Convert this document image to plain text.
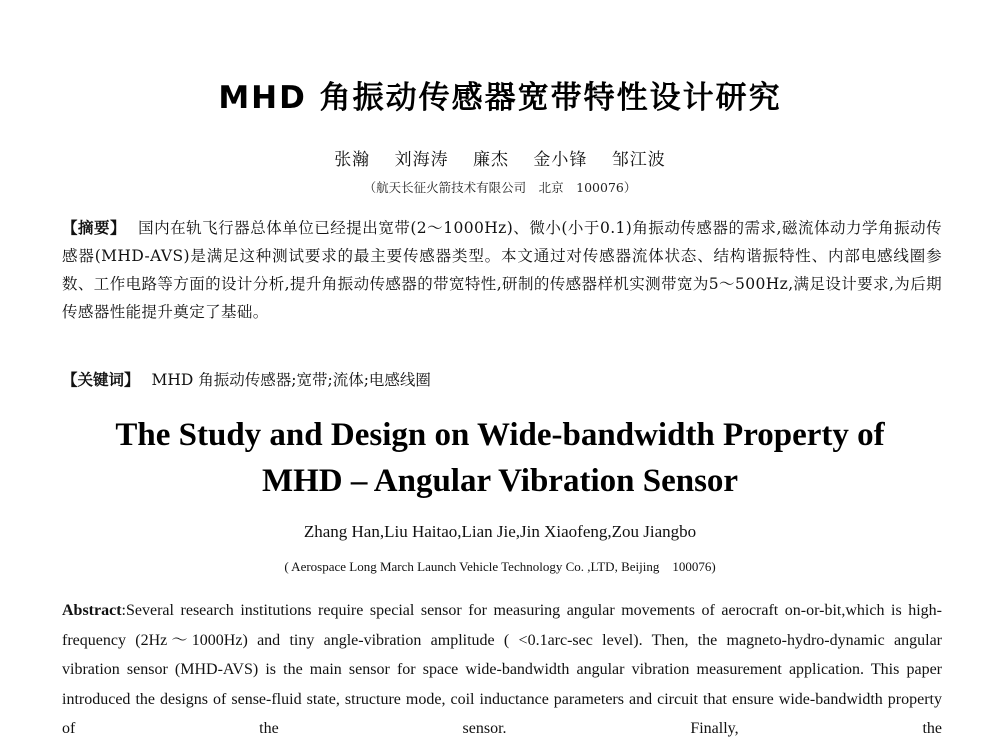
MHD 角振动传感器宽带特性设计研究
张瀚 刘海涛 廉杰 金小锋 邹江波
（航天长征火箭技术有限公司　北京　100076）
【摘要】 国内在轨飞行器总体单位已经提出宽带(2～1000Hz)、微小(小于0.1)角振动传感器的需求,磁流体动力学角振动传感器(MHD-AVS)是满足这种测试要求的最主要传感器类型。本文通过对传感器流体状态、结构谐振特性、内部电感线圈参数、工作电路等方面的设计分析,提升角振动传感器的带宽特性,研制的传感器样机实测带宽为5～500Hz,满足设计要求,为后期传感器性能提升奠定了基础。
【关键词】 MHD 角振动传感器;宽带;流体;电感线圈
The Study and Design on Wide-bandwidth Property of
MHD – Angular Vibration Sensor
Zhang Han,Liu Haitao,Lian Jie,Jin Xiaofeng,Zou Jiangbo
( Aerospace Long March Launch Vehicle Technology Co. ,LTD, Beijing　100076)
Abstract:Several research institutions require special sensor for measuring angular movements of aerocraft on-or-bit,which is high-frequency (2Hz～1000Hz) and tiny angle-vibration amplitude ( <0.1arc-sec level). Then, the magneto-hydro-dynamic angular vibration sensor (MHD-AVS) is the main sensor for space wide-bandwidth angular vibration measurement application. This paper introduced the designs of sense-fluid state, structure mode, coil inductance parameters and circuit that ensure wide-bandwidth property of the sensor. Finally, the
